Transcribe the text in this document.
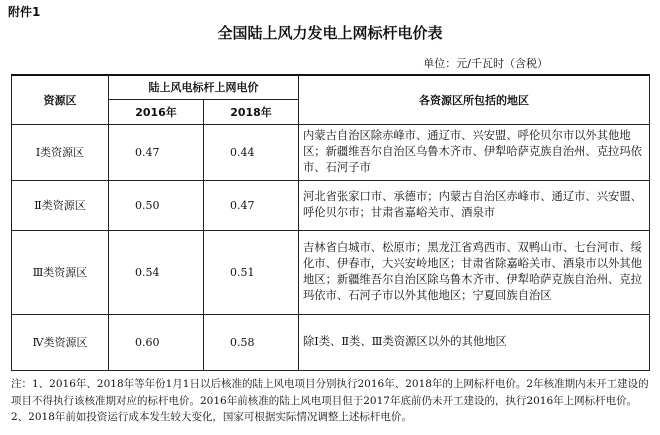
附件1
全国陆上风力发电上网标杆电价表
单位：元/千瓦时（含税）
资源区	陆上风电标杆上网电价		各资源区所包括的地区
	2016年	2018年	
Ⅰ类资源区	0.47	0.44	内蒙古自治区除赤峰市、通辽市、兴安盟、呼伦贝尔市以外其他地区；新疆维吾尔自治区乌鲁木齐市、伊犁哈萨克族自治州、克拉玛依市、石河子市
Ⅱ类资源区	0.50	0.47	河北省张家口市、承德市；内蒙古自治区赤峰市、通辽市、兴安盟、呼伦贝尔市；甘肃省嘉峪关市、酒泉市
Ⅲ类资源区	0.54	0.51	吉林省白城市、松原市；黑龙江省鸡西市、双鸭山市、七台河市、绥化市、伊春市，大兴安岭地区；甘肃省除嘉峪关市、酒泉市以外其他地区；新疆维吾尔自治区除乌鲁木齐市、伊犁哈萨克族自治州、克拉玛依市、石河子市以外其他地区；宁夏回族自治区
Ⅳ类资源区	0.60	0.58	除Ⅰ类、Ⅱ类、Ⅲ类资源区以外的其他地区
注：1、2016年、2018年等年份1月1日以后核准的陆上风电项目分别执行2016年、2018年的上网标杆电价。2年核准期内未开工建设的项目不得执行该核准期对应的标杆电价。2016年前核准的陆上风电项目但于2017年底前仍未开工建设的，执行2016年上网标杆电价。2、2018年前如投资运行成本发生较大变化，国家可根据实际情况调整上述标杆电价。
